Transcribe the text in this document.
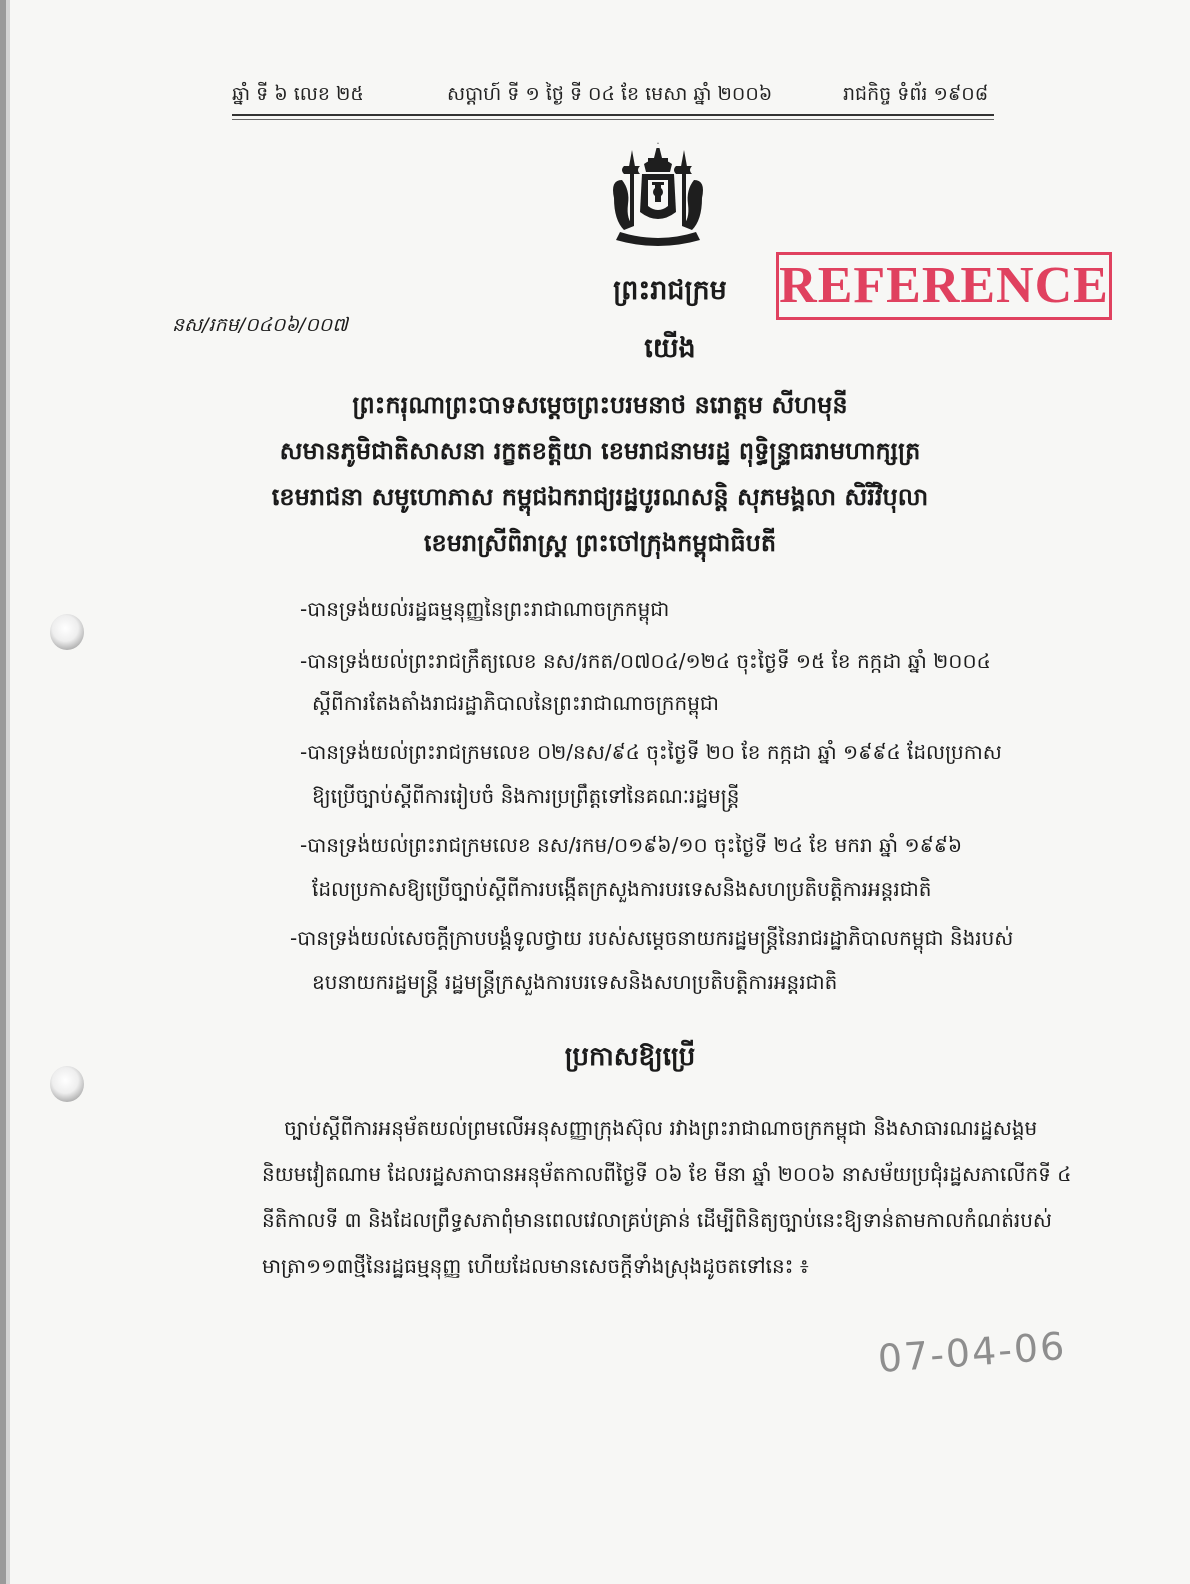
ឆ្នាំ ទី ៦ លេខ ២៥	សប្តាហ៍ ទី ១ ថ្ងៃ ទី ០៤ ខែ មេសា ឆ្នាំ ២០០៦	រាជកិច្ច ទំព័រ ១៩០៨
ព្រះរាជក្រម	REFERENCE
នស/រកម/០៤០៦/០០៧
យើង
ព្រះករុណាព្រះបាទសម្តេចព្រះបរមនាថ នរោត្តម សីហមុនី
សមានភូមិជាតិសាសនា រក្ខតខត្តិយា ខេមរាជនាមរដ្ឋ ពុទ្ធិន្ទ្រាធរាមហាក្សត្រ
ខេមរាជនា សមូហោភាស កម្ពុជឯករាជ្យរដ្ឋបូរណសន្តិ សុភមង្គលា សិរីវិបុលា
ខេមរាស្រីពិរាស្ត្រ ព្រះចៅក្រុងកម្ពុជាធិបតី
-បានទ្រង់យល់រដ្ឋធម្មនុញ្ញនៃព្រះរាជាណាចក្រកម្ពុជា
-បានទ្រង់យល់ព្រះរាជក្រឹត្យលេខ នស/រកត/០៧០៤/១២៤ ចុះថ្ងៃទី ១៥ ខែ កក្កដា ឆ្នាំ ២០០៤
ស្តីពីការតែងតាំងរាជរដ្ឋាភិបាលនៃព្រះរាជាណាចក្រកម្ពុជា
-បានទ្រង់យល់ព្រះរាជក្រមលេខ ០២/នស/៩៤ ចុះថ្ងៃទី ២០ ខែ កក្កដា ឆ្នាំ ១៩៩៤ ដែលប្រកាស
ឱ្យប្រើច្បាប់ស្តីពីការរៀបចំ និងការប្រព្រឹត្តទៅនៃគណៈរដ្ឋមន្ត្រី
-បានទ្រង់យល់ព្រះរាជក្រមលេខ នស/រកម/០១៩៦/១០ ចុះថ្ងៃទី ២៤ ខែ មករា ឆ្នាំ ១៩៩៦
ដែលប្រកាសឱ្យប្រើច្បាប់ស្តីពីការបង្កើតក្រសួងការបរទេសនិងសហប្រតិបត្តិការអន្តរជាតិ
-បានទ្រង់យល់សេចក្តីក្រាបបង្គំទូលថ្វាយ របស់សម្តេចនាយករដ្ឋមន្ត្រីនៃរាជរដ្ឋាភិបាលកម្ពុជា និងរបស់
ឧបនាយករដ្ឋមន្ត្រី រដ្ឋមន្ត្រីក្រសួងការបរទេសនិងសហប្រតិបត្តិការអន្តរជាតិ
ប្រកាសឱ្យប្រើ
ច្បាប់ស្តីពីការអនុម័តយល់ព្រមលើអនុសញ្ញាក្រុងស៊ុល រវាងព្រះរាជាណាចក្រកម្ពុជា និងសាធារណរដ្ឋសង្គម
និយមវៀតណាម ដែលរដ្ឋសភាបានអនុម័តកាលពីថ្ងៃទី ០៦ ខែ មីនា ឆ្នាំ ២០០៦ នាសម័យប្រជុំរដ្ឋសភាលើកទី ៤
នីតិកាលទី ៣ និងដែលព្រឹទ្ធសភាពុំមានពេលវេលាគ្រប់គ្រាន់ ដើម្បីពិនិត្យច្បាប់នេះឱ្យទាន់តាមកាលកំណត់របស់
មាត្រា១១៣ថ្មីនៃរដ្ឋធម្មនុញ្ញ ហើយដែលមានសេចក្តីទាំងស្រុងដូចតទៅនេះ ៖
07-04-06
